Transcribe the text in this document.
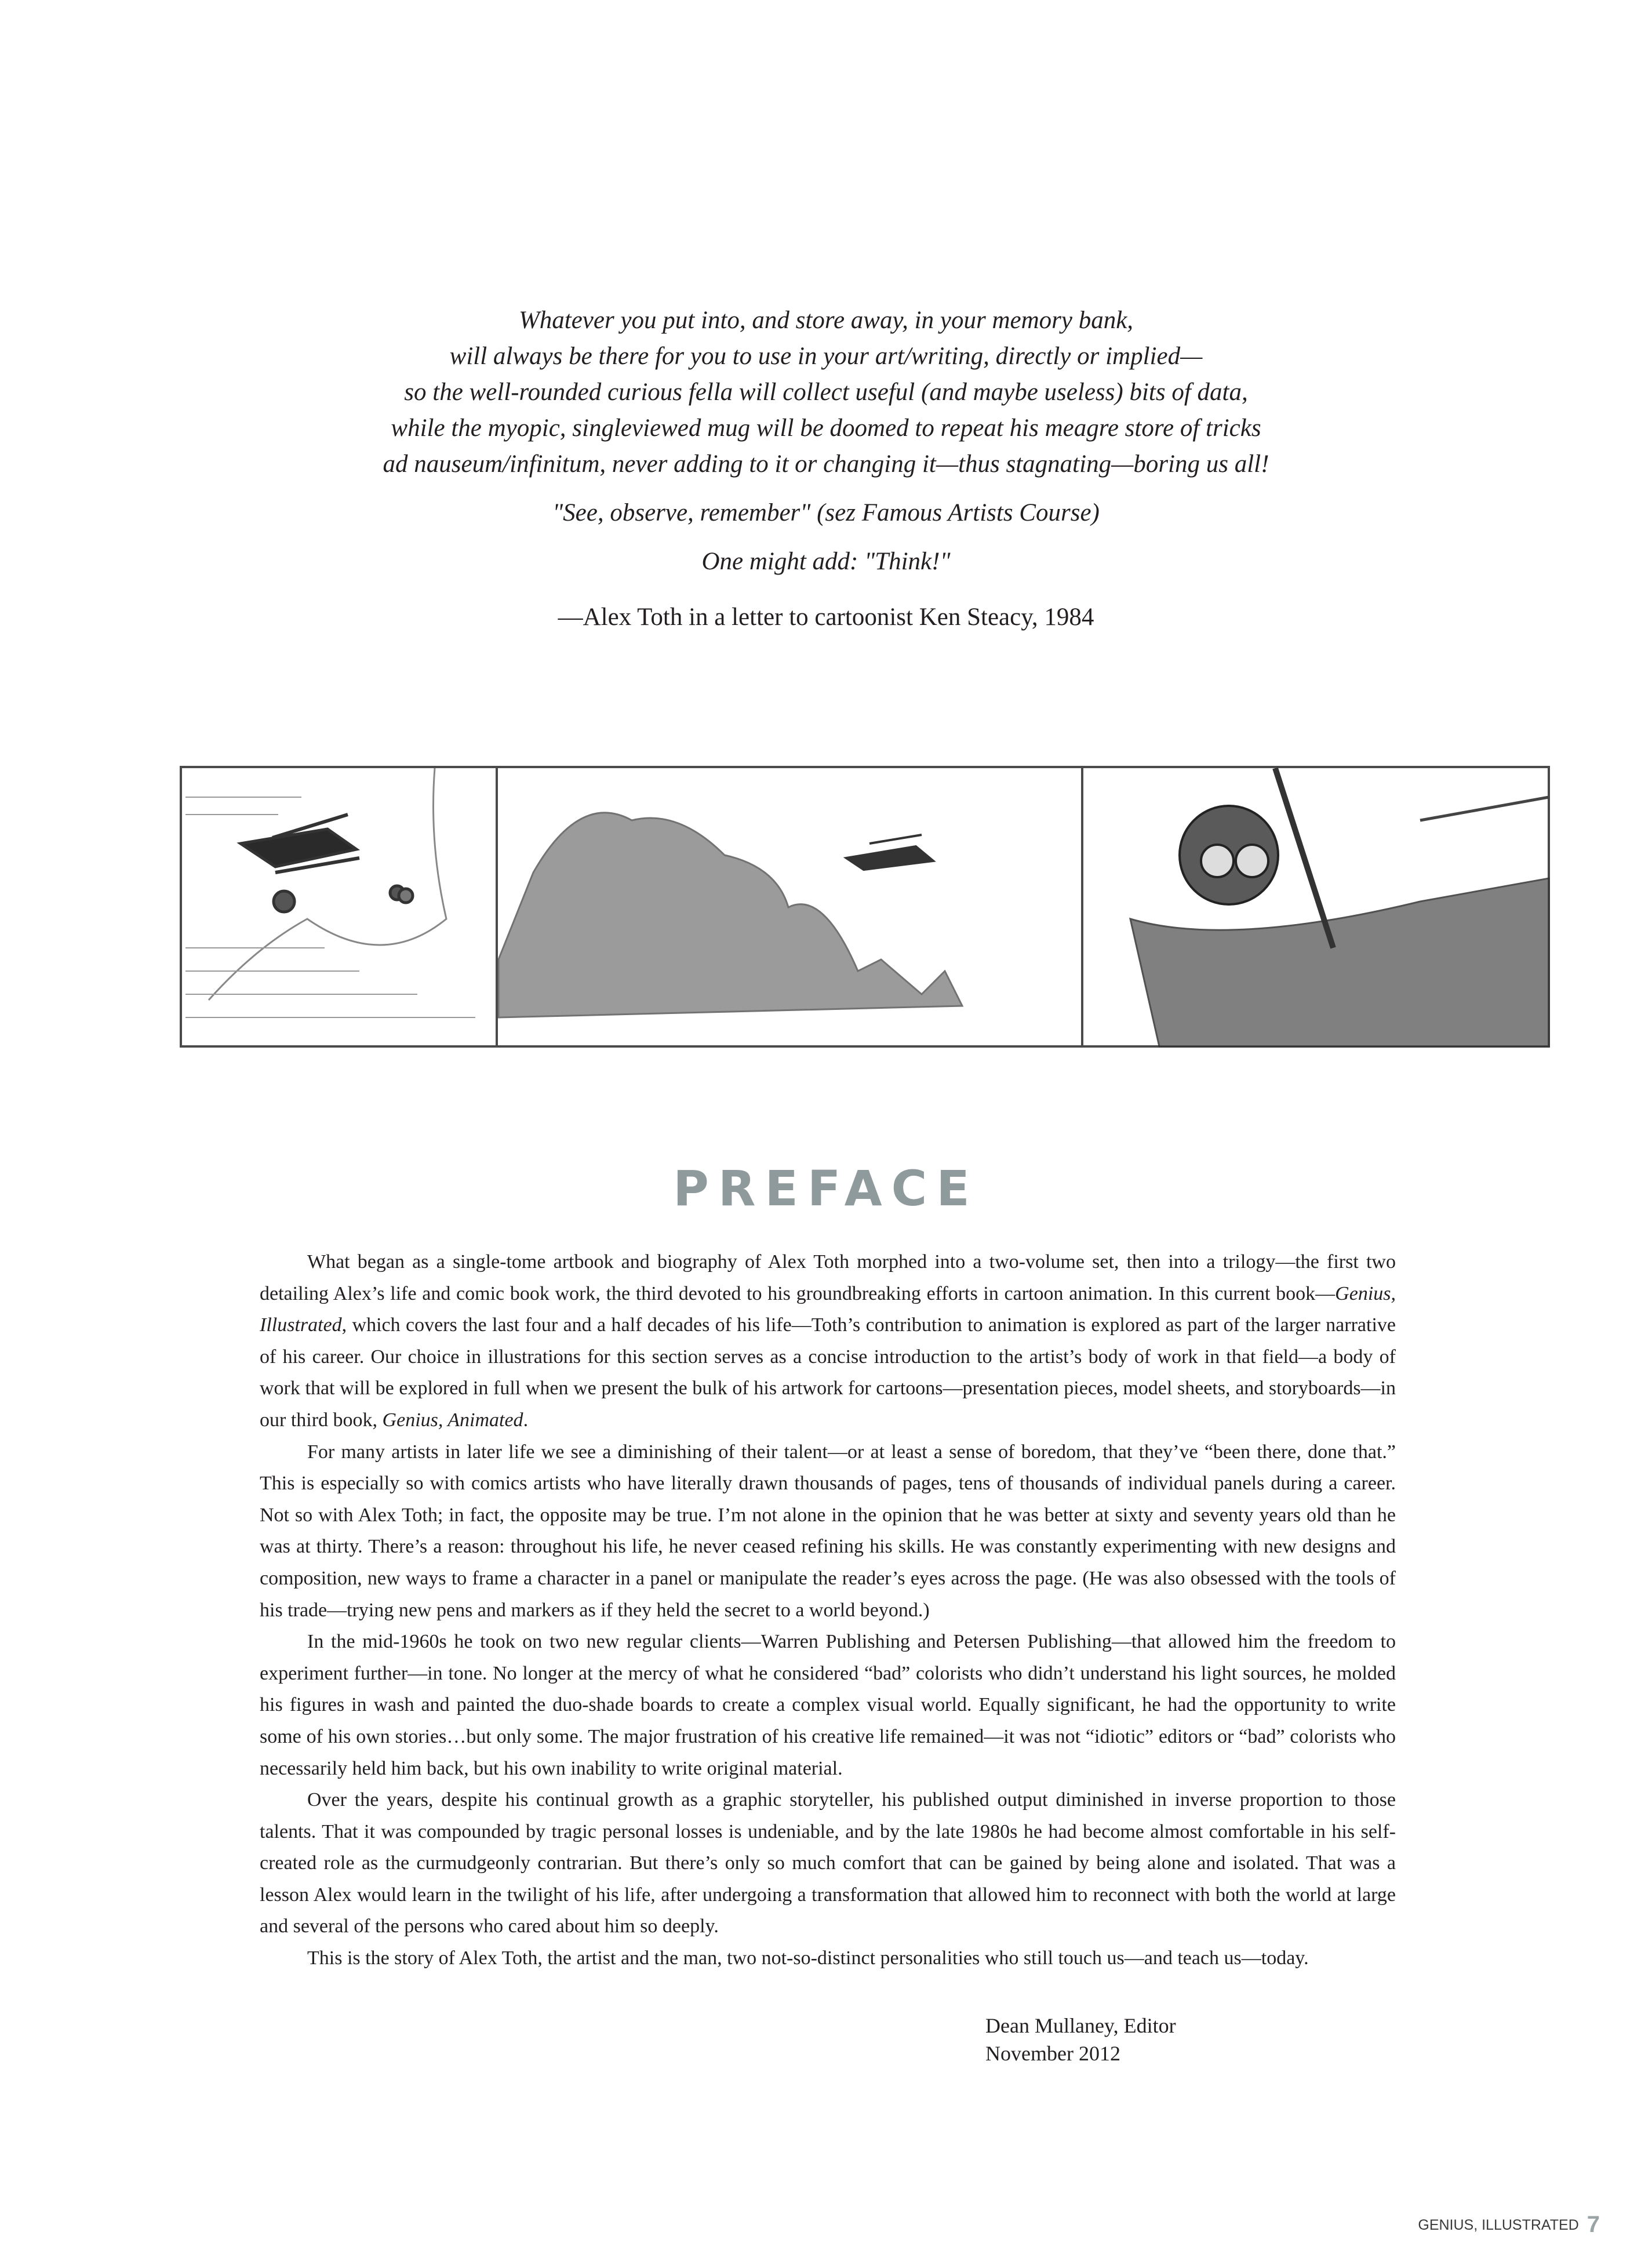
Whatever you put into, and store away, in your memory bank,
will always be there for you to use in your art/writing, directly or implied—
so the well-rounded curious fella will collect useful (and maybe useless) bits of data,
while the myopic, singleviewed mug will be doomed to repeat his meagre store of tricks
ad nauseum/infinitum, never adding to it or changing it—thus stagnating—boring us all!
"See, observe, remember" (sez Famous Artists Course)
One might add: "Think!"
—Alex Toth in a letter to cartoonist Ken Steacy, 1984
PREFACE

What began as a single-tome artbook and biography of Alex Toth morphed into a two-volume set, then into a trilogy—the first two detailing Alex’s life and comic book work, the third devoted to his groundbreaking efforts in cartoon animation. In this current book—Genius, Illustrated, which covers the last four and a half decades of his life—Toth’s contribution to animation is explored as part of the larger narrative of his career. Our choice in illustrations for this section serves as a concise introduction to the artist’s body of work in that field—a body of work that will be explored in full when we present the bulk of his artwork for cartoons—presentation pieces, model sheets, and storyboards—in our third book, Genius, Animated.

For many artists in later life we see a diminishing of their talent—or at least a sense of boredom, that they’ve “been there, done that.” This is especially so with comics artists who have literally drawn thousands of pages, tens of thousands of individual panels during a career. Not so with Alex Toth; in fact, the opposite may be true. I’m not alone in the opinion that he was better at sixty and seventy years old than he was at thirty. There’s a reason: throughout his life, he never ceased refining his skills. He was constantly experimenting with new designs and composition, new ways to frame a character in a panel or manipulate the reader’s eyes across the page. (He was also obsessed with the tools of his trade—trying new pens and markers as if they held the secret to a world beyond.)

In the mid-1960s he took on two new regular clients—Warren Publishing and Petersen Publishing—that allowed him the freedom to experiment further—in tone. No longer at the mercy of what he considered “bad” colorists who didn’t understand his light sources, he molded his figures in wash and painted the duo-shade boards to create a complex visual world. Equally significant, he had the opportunity to write some of his own stories…but only some. The major frustration of his creative life remained—it was not “idiotic” editors or “bad” colorists who necessarily held him back, but his own inability to write original material.

Over the years, despite his continual growth as a graphic storyteller, his published output diminished in inverse proportion to those talents. That it was compounded by tragic personal losses is undeniable, and by the late 1980s he had become almost comfortable in his self-created role as the curmudgeonly contrarian. But there’s only so much comfort that can be gained by being alone and isolated. That was a lesson Alex would learn in the twilight of his life, after undergoing a transformation that allowed him to reconnect with both the world at large and several of the persons who cared about him so deeply.

This is the story of Alex Toth, the artist and the man, two not-so-distinct personalities who still touch us—and teach us—today.

Dean Mullaney, Editor
November 2012
GENIUS, ILLUSTRATED 7
